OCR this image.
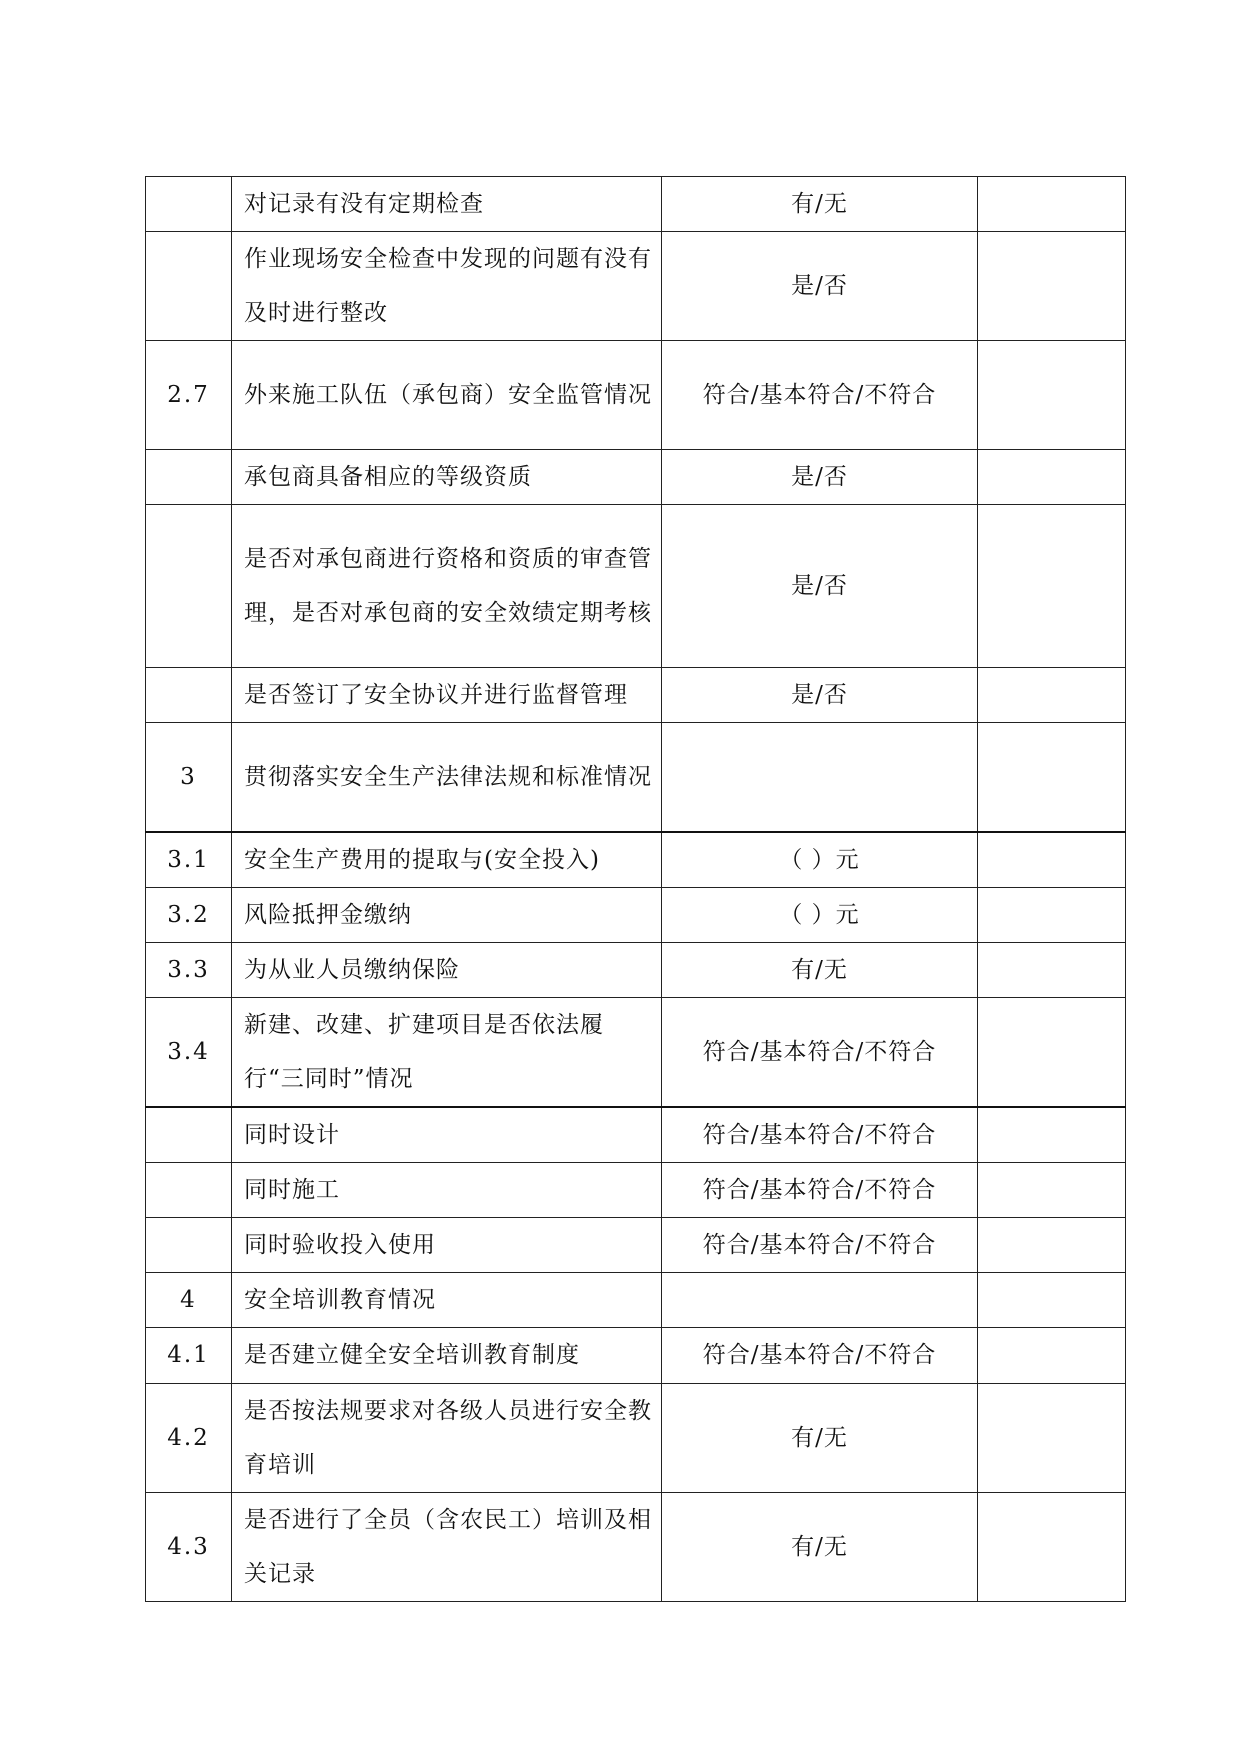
	对记录有没有定期检查	有/无	
	作业现场安全检查中发现的问题有没有及时进行整改	是/否	
2.7	外来施工队伍（承包商）安全监管情况	符合/基本符合/不符合	
	承包商具备相应的等级资质	是/否	
	是否对承包商进行资格和资质的审查管理，是否对承包商的安全效绩定期考核	是/否	
	是否签订了安全协议并进行监督管理	是/否	
3	贯彻落实安全生产法律法规和标准情况		
3.1	安全生产费用的提取与(安全投入)	（ ）元	
3.2	风险抵押金缴纳	（ ）元	
3.3	为从业人员缴纳保险	有/无	
3.4	新建、改建、扩建项目是否依法履行“三同时”情况	符合/基本符合/不符合	
	同时设计	符合/基本符合/不符合	
	同时施工	符合/基本符合/不符合	
	同时验收投入使用	符合/基本符合/不符合	
4	安全培训教育情况		
4.1	是否建立健全安全培训教育制度	符合/基本符合/不符合	
4.2	是否按法规要求对各级人员进行安全教育培训	有/无	
4.3	是否进行了全员（含农民工）培训及相关记录	有/无	
